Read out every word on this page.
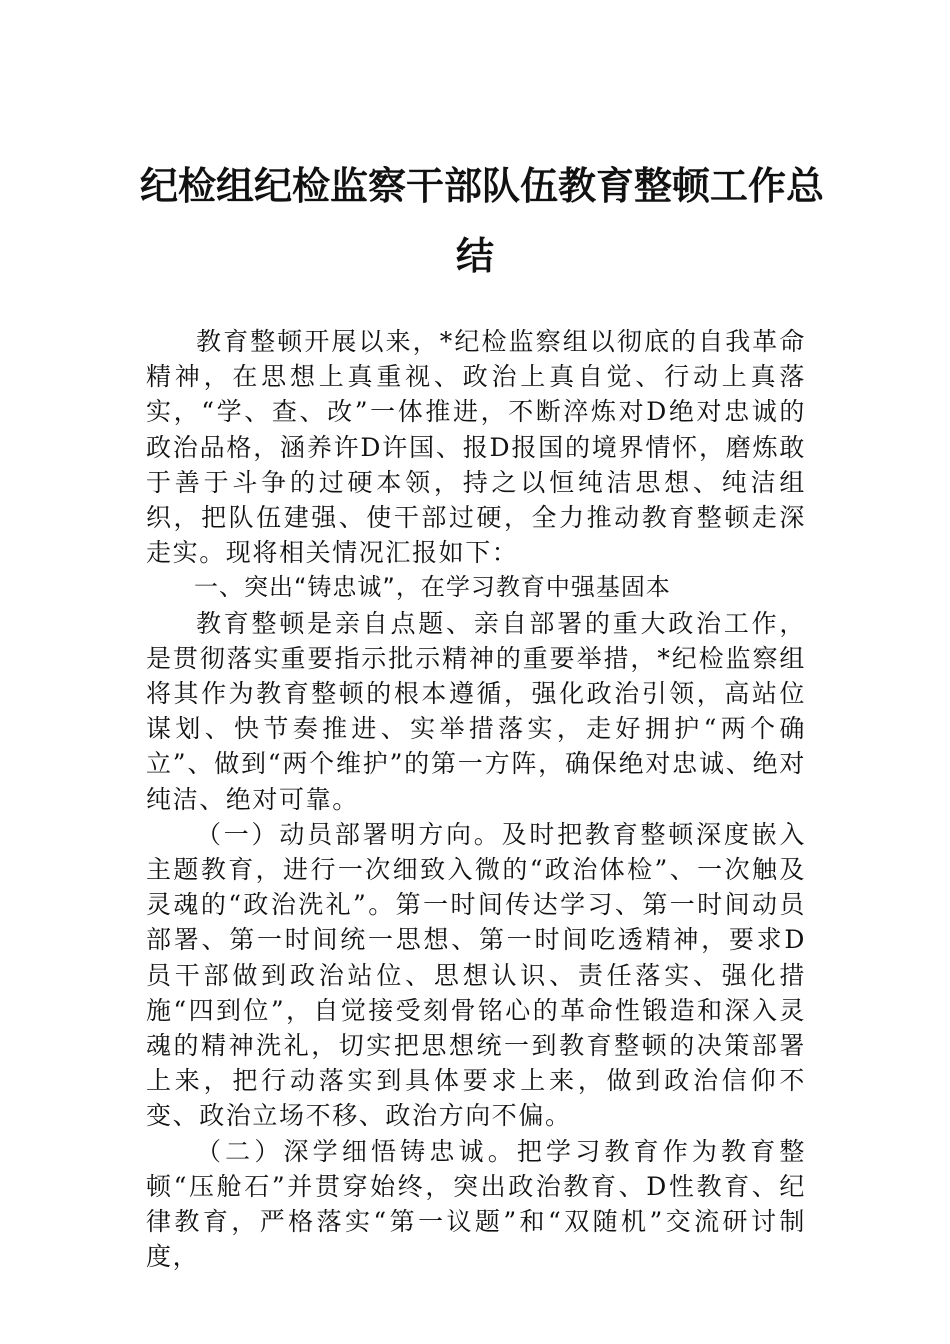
纪检组纪检监察干部队伍教育整顿工作总
结

教育整顿开展以来，*纪检监察组以彻底的自我革命精神，在思想上真重视、政治上真自觉、行动上真落实，“学、查、改”一体推进，不断淬炼对D绝对忠诚的政治品格，涵养许D许国、报D报国的境界情怀，磨炼敢于善于斗争的过硬本领，持之以恒纯洁思想、纯洁组织，把队伍建强、使干部过硬，全力推动教育整顿走深走实。现将相关情况汇报如下：

一、突出“铸忠诚”，在学习教育中强基固本

教育整顿是亲自点题、亲自部署的重大政治工作，是贯彻落实重要指示批示精神的重要举措，*纪检监察组将其作为教育整顿的根本遵循，强化政治引领，高站位谋划、快节奏推进、实举措落实，走好拥护“两个确立”、做到“两个维护”的第一方阵，确保绝对忠诚、绝对纯洁、绝对可靠。

（一）动员部署明方向。及时把教育整顿深度嵌入主题教育，进行一次细致入微的“政治体检”、一次触及灵魂的“政治洗礼”。第一时间传达学习、第一时间动员部署、第一时间统一思想、第一时间吃透精神，要求D员干部做到政治站位、思想认识、责任落实、强化措施“四到位”，自觉接受刻骨铭心的革命性锻造和深入灵魂的精神洗礼，切实把思想统一到教育整顿的决策部署上来，把行动落实到具体要求上来，做到政治信仰不变、政治立场不移、政治方向不偏。

（二）深学细悟铸忠诚。把学习教育作为教育整顿“压舱石”并贯穿始终，突出政治教育、D性教育、纪律教育，严格落实“第一议题”和“双随机”交流研讨制度，
